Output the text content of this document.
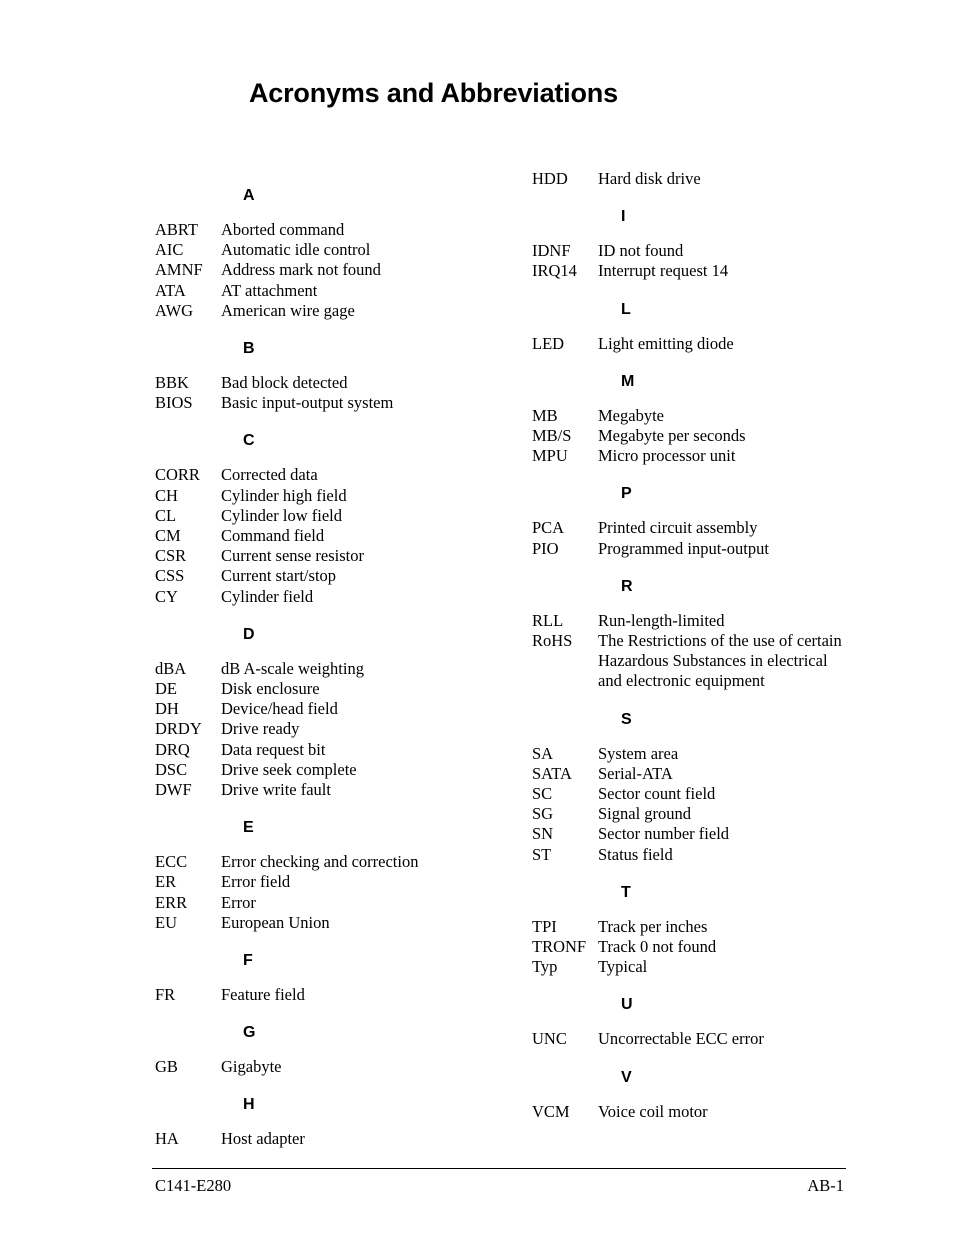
Acronyms and Abbreviations
A
ABRT	Aborted command
AIC	Automatic idle control
AMNF	Address mark not found
ATA	AT attachment
AWG	American wire gage
B
BBK	Bad block detected
BIOS	Basic input-output system
C
CORR	Corrected data
CH	Cylinder high field
CL	Cylinder low field
CM	Command field
CSR	Current sense resistor
CSS	Current start/stop
CY	Cylinder field
D
dBA	dB A-scale weighting
DE	Disk enclosure
DH	Device/head field
DRDY	Drive ready
DRQ	Data request bit
DSC	Drive seek complete
DWF	Drive write fault
E
ECC	Error checking and correction
ER	Error field
ERR	Error
EU	European Union
F
FR	Feature field
G
GB	Gigabyte
H
HA	Host adapter
HDD	Hard disk drive
I
IDNF	ID not found
IRQ14	Interrupt request 14
L
LED	Light emitting diode
M
MB	Megabyte
MB/S	Megabyte per seconds
MPU	Micro processor unit
P
PCA	Printed circuit assembly
PIO	Programmed input-output
R
RLL	Run-length-limited
RoHS	The Restrictions of the use of certain Hazardous Substances in electrical and electronic equipment
S
SA	System area
SATA	Serial-ATA
SC	Sector count field
SG	Signal ground
SN	Sector number field
ST	Status field
T
TPI	Track per inches
TRONF Track 0 not found
Typ	Typical
U
UNC	Uncorrectable ECC error
V
VCM	Voice coil motor
C141-E280	AB-1
